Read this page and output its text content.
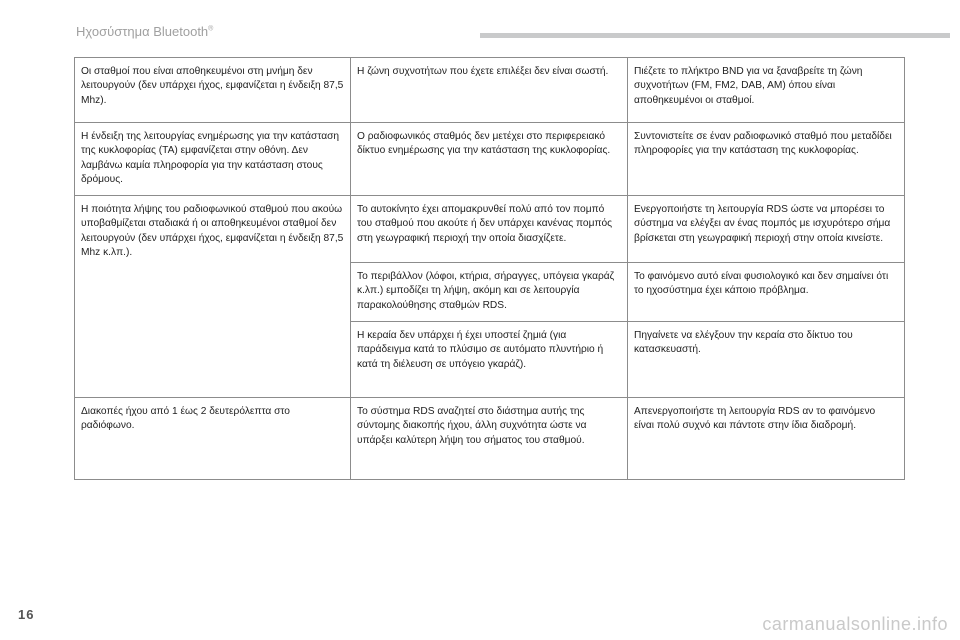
Ηχοσύστημα Bluetooth®
Οι σταθμοί που είναι αποθηκευμένοι στη μνήμη δεν λειτουργούν (δεν υπάρχει ήχος, εμφανίζεται η ένδειξη 87,5 Mhz).	Η ζώνη συχνοτήτων που έχετε επιλέξει δεν είναι σωστή.	Πιέζετε το πλήκτρο BND για να ξαναβρείτε τη ζώνη συχνοτήτων (FM, FM2, DAB, AM) όπου είναι αποθηκευμένοι οι σταθμοί.
Η ένδειξη της λειτουργίας ενημέρωσης για την κατάσταση της κυκλοφορίας (TA) εμφανίζεται στην οθόνη. Δεν λαμβάνω καμία πληροφορία για την κατάσταση στους δρόμους.	Ο ραδιοφωνικός σταθμός δεν μετέχει στο περιφερειακό δίκτυο ενημέρωσης για την κατάσταση της κυκλοφορίας.	Συντονιστείτε σε έναν ραδιοφωνικό σταθμό που μεταδίδει πληροφορίες για την κατάσταση της κυκλοφορίας.
Η ποιότητα λήψης του ραδιοφωνικού σταθμού που ακούω υποβαθμίζεται σταδιακά ή οι αποθηκευμένοι σταθμοί δεν λειτουργούν (δεν υπάρχει ήχος, εμφανίζεται η ένδειξη 87,5 Mhz κ.λπ.).	Το αυτοκίνητο έχει απομακρυνθεί πολύ από τον πομπό του σταθμού που ακούτε ή δεν υπάρχει κανένας πομπός στη γεωγραφική περιοχή την οποία διασχίζετε.	Ενεργοποιήστε τη λειτουργία RDS ώστε να μπορέσει το σύστημα να ελέγξει αν ένας πομπός με ισχυρότερο σήμα βρίσκεται στη γεωγραφική περιοχή στην οποία κινείστε.
	Το περιβάλλον (λόφοι, κτήρια, σήραγγες, υπόγεια γκαράζ κ.λπ.) εμποδίζει τη λήψη, ακόμη και σε λειτουργία παρακολούθησης σταθμών RDS.	Το φαινόμενο αυτό είναι φυσιολογικό και δεν σημαίνει ότι το ηχοσύστημα έχει κάποιο πρόβλημα.
	Η κεραία δεν υπάρχει ή έχει υποστεί ζημιά (για παράδειγμα κατά το πλύσιμο σε αυτόματο πλυντήριο ή κατά τη διέλευση σε υπόγειο γκαράζ).	Πηγαίνετε να ελέγξουν την κεραία στο δίκτυο του κατασκευαστή.
Διακοπές ήχου από 1 έως 2 δευτερόλεπτα στο ραδιόφωνο.	Το σύστημα RDS αναζητεί στο διάστημα αυτής της σύντομης διακοπής ήχου, άλλη συχνότητα ώστε να υπάρξει καλύτερη λήψη του σήματος του σταθμού.	Απενεργοποιήστε τη λειτουργία RDS αν το φαινόμενο είναι πολύ συχνό και πάντοτε στην ίδια διαδρομή.
16	carmanualsonline.info
